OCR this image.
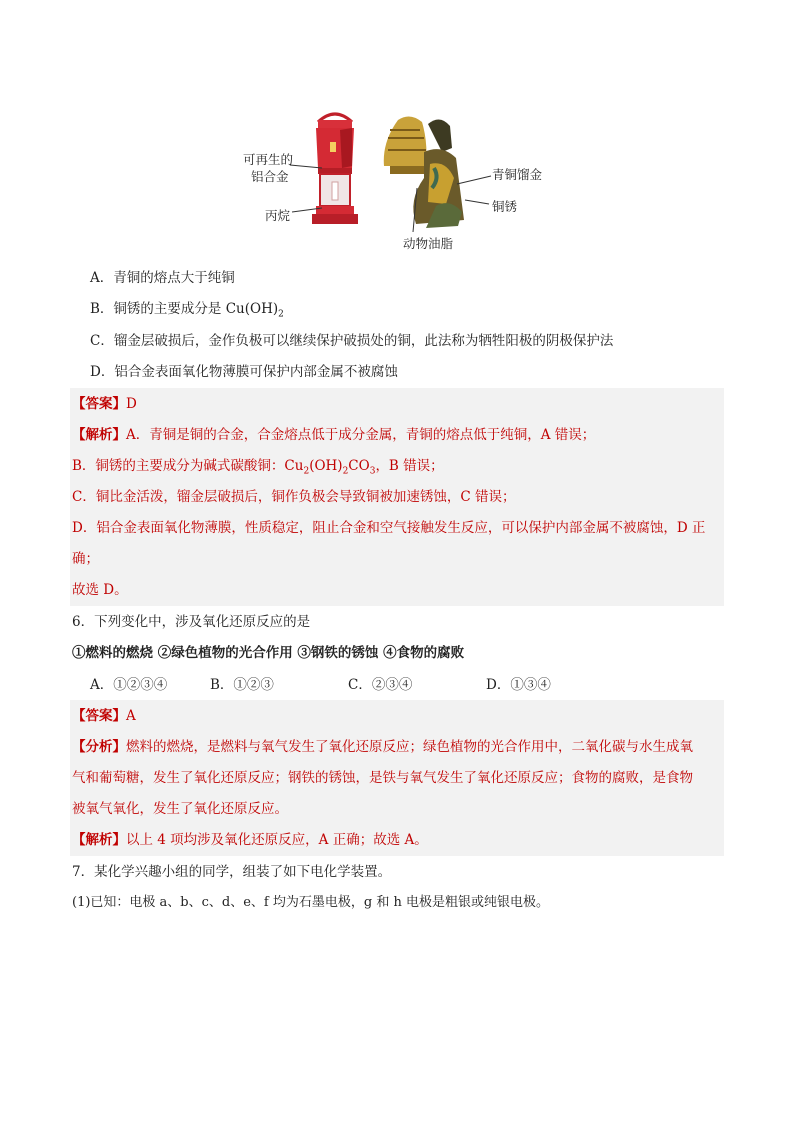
可再生的
铝合金
丙烷
青铜馏金
铜锈
动物油脂
A．青铜的熔点大于纯铜
B．铜锈的主要成分是 $Cu(OH)_2$
C．镏金层破损后，金作负极可以继续保护破损处的铜，此法称为牺牲阳极的阴极保护法
D．铝合金表面氧化物薄膜可保护内部金属不被腐蚀
【答案】D
【解析】A．青铜是铜的合金，合金熔点低于成分金属，青铜的熔点低于纯铜，A 错误；
B．铜锈的主要成分为碱式碳酸铜：$Cu_2(OH)_2CO_3$，B 错误；
C．铜比金活泼，镏金层破损后，铜作负极会导致铜被加速锈蚀，C 错误；
D．铝合金表面氧化物薄膜，性质稳定，阻止合金和空气接触发生反应，可以保护内部金属不被腐蚀，D 正
确；
故选 D。
6．下列变化中，涉及氧化还原反应的是
①燃料的燃烧 ②绿色植物的光合作用 ③钢铁的锈蚀 ④食物的腐败
A．①②③④	B．①②③	C．②③④	D．①③④
【答案】A
【分析】燃料的燃烧，是燃料与氧气发生了氧化还原反应；绿色植物的光合作用中，二氧化碳与水生成氧
气和葡萄糖，发生了氧化还原反应；钢铁的锈蚀，是铁与氧气发生了氧化还原反应；食物的腐败，是食物
被氧气氧化，发生了氧化还原反应。
【解析】以上 4 项均涉及氧化还原反应，A 正确；故选 A。
7．某化学兴趣小组的同学，组装了如下电化学装置。
(1)已知：电极 a、b、c、d、e、f 均为石墨电极，g 和 h 电极是粗银或纯银电极。
